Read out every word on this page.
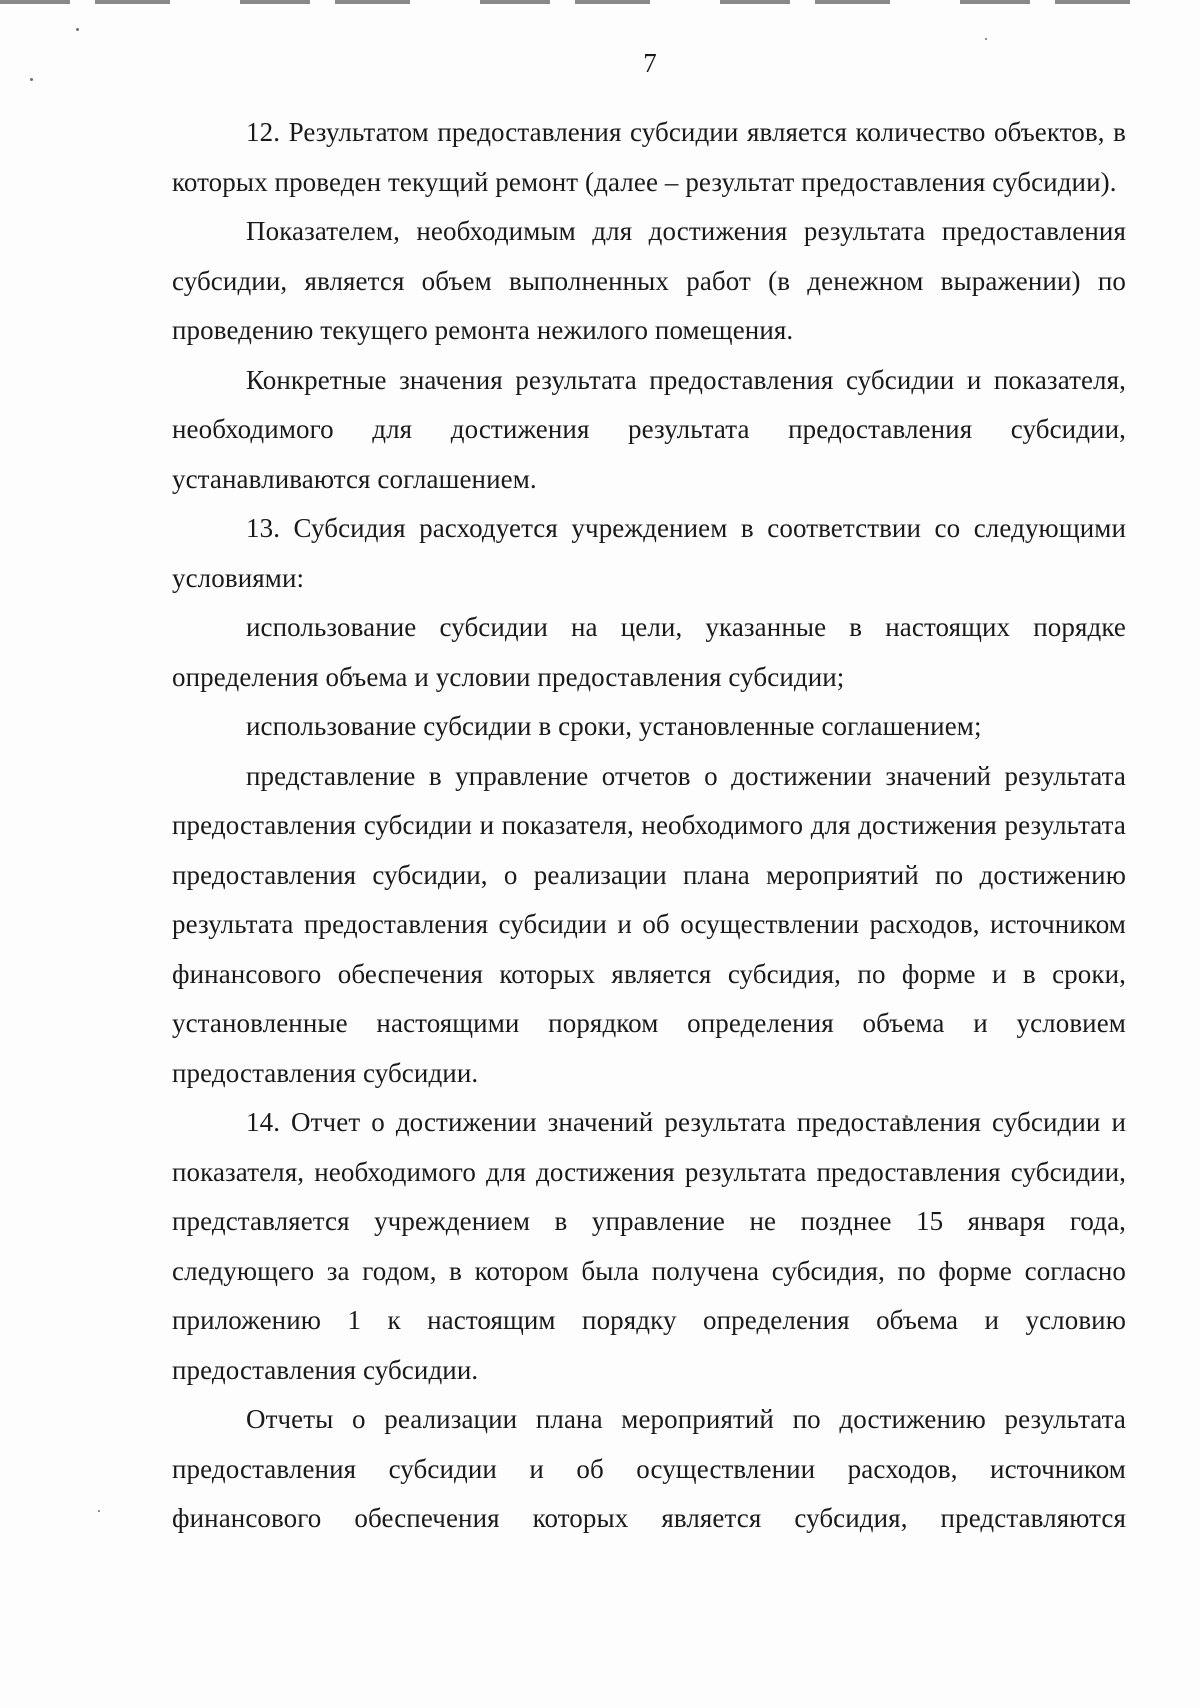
7

12. Результатом предоставления субсидии является количество объектов, в которых проведен текущий ремонт (далее – результат предоставления субсидии).

Показателем, необходимым для достижения результата предоставления субсидии, является объем выполненных работ (в денежном выражении) по проведению текущего ремонта нежилого помещения.

Конкретные значения результата предоставления субсидии и показателя, необходимого для достижения результата предоставления субсидии, устанавливаются соглашением.

13. Субсидия расходуется учреждением в соответствии со следующими условиями:

использование субсидии на цели, указанные в настоящих порядке определения объема и условии предоставления субсидии;

использование субсидии в сроки, установленные соглашением;

представление в управление отчетов о достижении значений результата предоставления субсидии и показателя, необходимого для достижения результата предоставления субсидии, о реализации плана мероприятий по достижению результата предоставления субсидии и об осуществлении расходов, источником финансового обеспечения которых является субсидия, по форме и в сроки, установленные настоящими порядком определения объема и условием предоставления субсидии.

14. Отчет о достижении значений результата предоставления субсидии и показателя, необходимого для достижения результата предоставления субсидии, представляется учреждением в управление не позднее 15 января года, следующего за годом, в котором была получена субсидия, по форме согласно приложению 1 к настоящим порядку определения объема и условию предоставления субсидии.

Отчеты о реализации плана мероприятий по достижению результата предоставления субсидии и об осуществлении расходов, источником финансового обеспечения которых является субсидия, представляются
